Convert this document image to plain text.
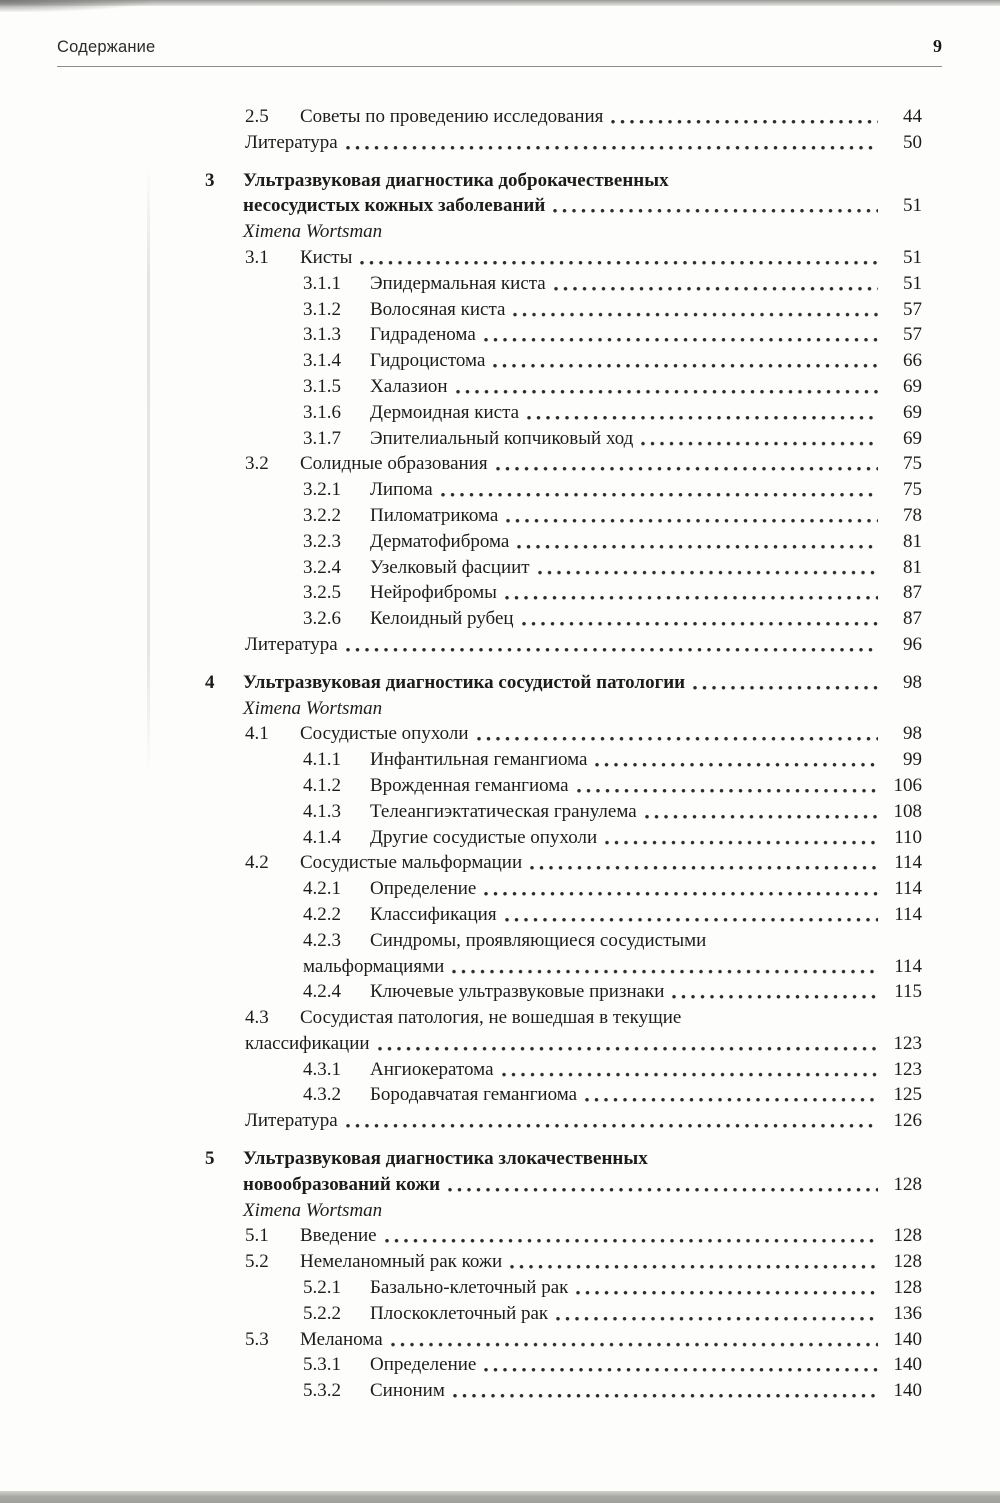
Содержание	9
2.5	Советы по проведению исследования	44
Литература	50
3	Ультразвуковая диагностика доброкачественных
несосудистых кожных заболеваний	51
Ximena Wortsman
3.1	Кисты	51
3.1.1	Эпидермальная киста	51
3.1.2	Волосяная киста	57
3.1.3	Гидраденома	57
3.1.4	Гидроцистома	66
3.1.5	Халазион	69
3.1.6	Дермоидная киста	69
3.1.7	Эпителиальный копчиковый ход	69
3.2	Солидные образования	75
3.2.1	Липома	75
3.2.2	Пиломатрикома	78
3.2.3	Дерматофиброма	81
3.2.4	Узелковый фасциит	81
3.2.5	Нейрофибромы	87
3.2.6	Келоидный рубец	87
Литература	96
4	Ультразвуковая диагностика сосудистой патологии	98
Ximena Wortsman
4.1	Сосудистые опухоли	98
4.1.1	Инфантильная гемангиома	99
4.1.2	Врожденная гемангиома	106
4.1.3	Телеангиэктатическая гранулема	108
4.1.4	Другие сосудистые опухоли	110
4.2	Сосудистые мальформации	114
4.2.1	Определение	114
4.2.2	Классификация	114
4.2.3	Синдромы, проявляющиеся сосудистыми
мальформациями	114
4.2.4	Ключевые ультразвуковые признаки	115
4.3	Сосудистая патология, не вошедшая в текущие
классификации	123
4.3.1	Ангиокератома	123
4.3.2	Бородавчатая гемангиома	125
Литература	126
5	Ультразвуковая диагностика злокачественных
новообразований кожи	128
Ximena Wortsman
5.1	Введение	128
5.2	Немеланомный рак кожи	128
5.2.1	Базально-клеточный рак	128
5.2.2	Плоскоклеточный рак	136
5.3	Меланома	140
5.3.1	Определение	140
5.3.2	Синоним	140
